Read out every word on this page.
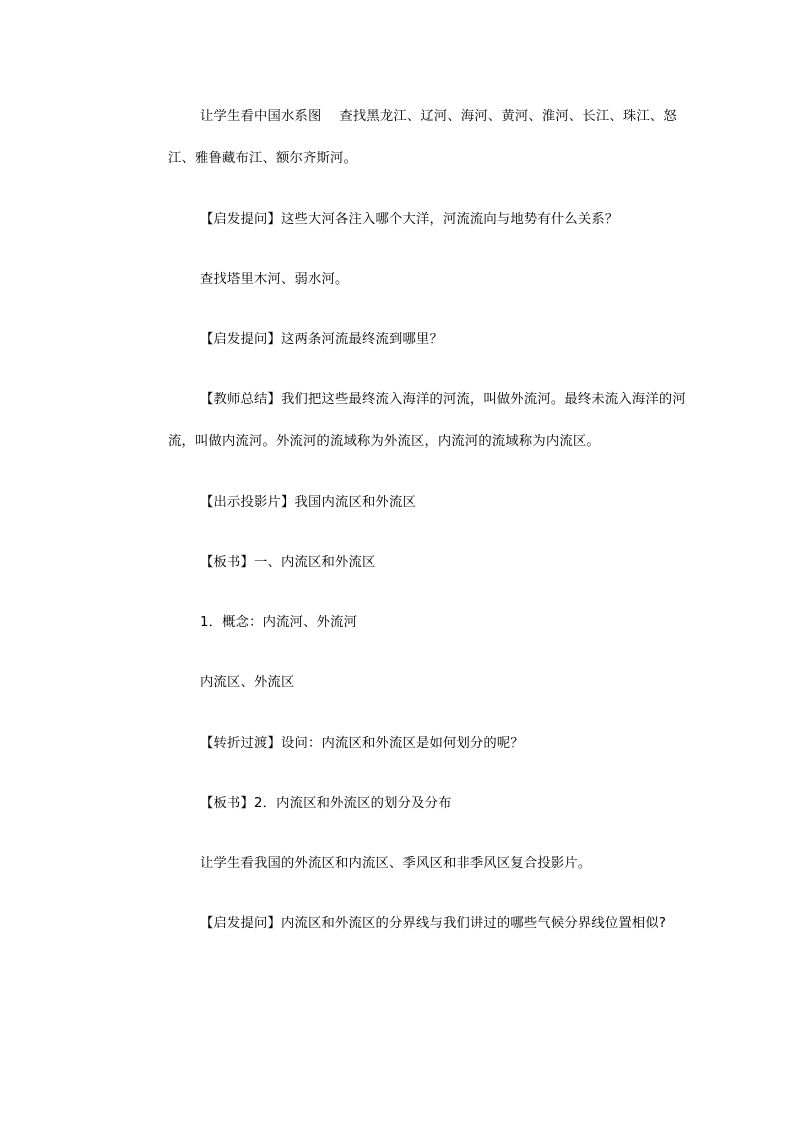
让学生看中国水系图　 查找黑龙江、辽河、海河、黄河、淮河、长江、珠江、怒
江、雅鲁藏布江、额尔齐斯河。
【启发提问】这些大河各注入哪个大洋，河流流向与地势有什么关系？
查找塔里木河、弱水河。
【启发提问】这两条河流最终流到哪里？
【教师总结】我们把这些最终流入海洋的河流，叫做外流河。最终未流入海洋的河
流，叫做内流河。外流河的流域称为外流区，内流河的流域称为内流区。
【出示投影片】我国内流区和外流区
【板书】一、内流区和外流区
1．概念：内流河、外流河
内流区、外流区
【转折过渡】设问：内流区和外流区是如何划分的呢？
【板书】2．内流区和外流区的划分及分布
让学生看我国的外流区和内流区、季风区和非季风区复合投影片。
【启发提问】内流区和外流区的分界线与我们讲过的哪些气候分界线位置相似?
